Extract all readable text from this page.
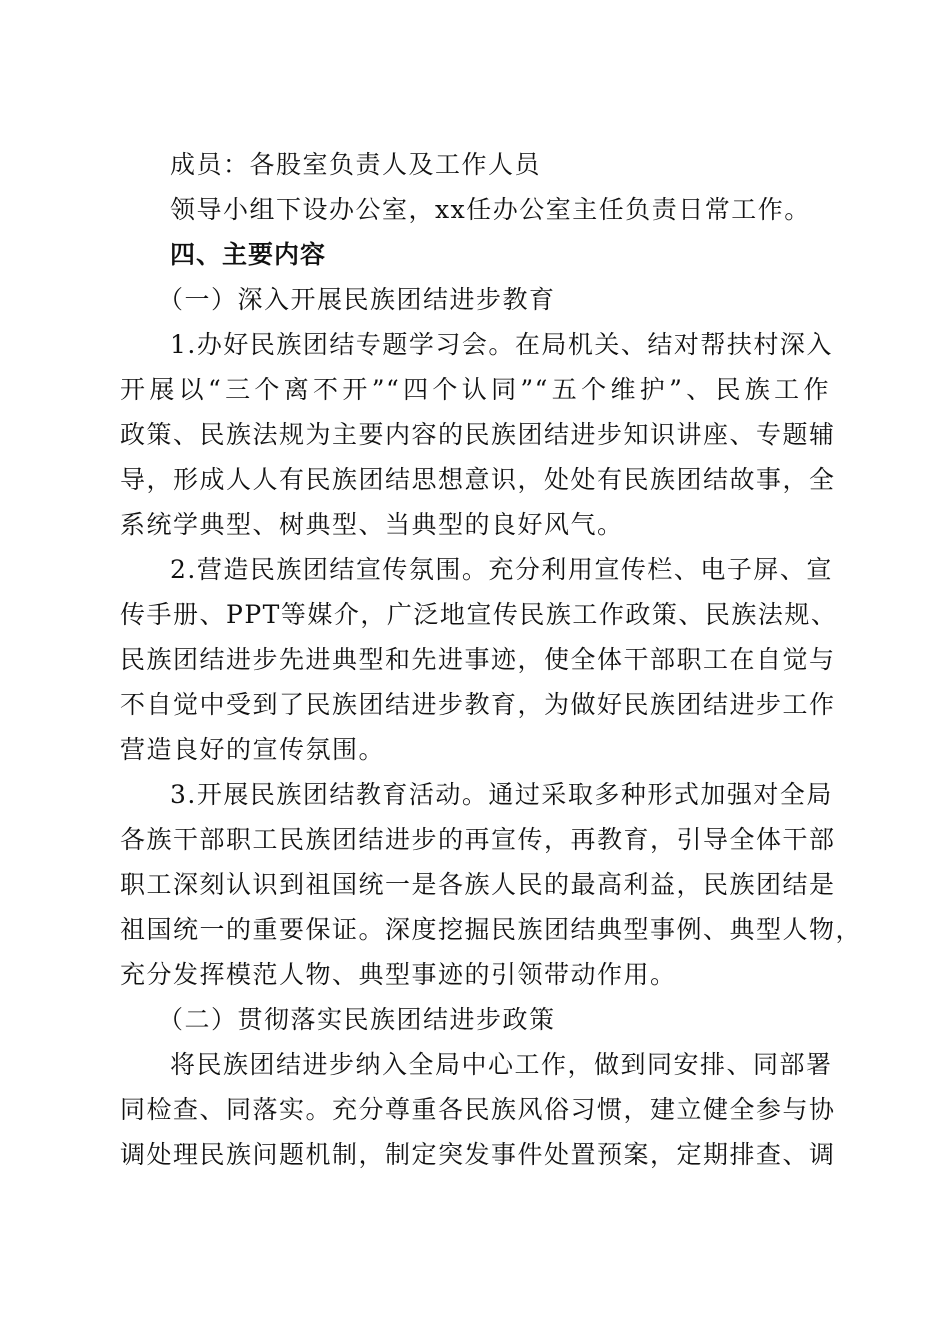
成员：各股室负责人及工作人员
领导小组下设办公室，xx任办公室主任负责日常工作。
四、主要内容
（一）深入开展民族团结进步教育
1.办好民族团结专题学习会。在局机关、结对帮扶村深入
开展以“三个离不开”“四个认同”“五个维护”、民族工作
政策、民族法规为主要内容的民族团结进步知识讲座、专题辅
导，形成人人有民族团结思想意识，处处有民族团结故事，全
系统学典型、树典型、当典型的良好风气。
2.营造民族团结宣传氛围。充分利用宣传栏、电子屏、宣
传手册、PPT等媒介，广泛地宣传民族工作政策、民族法规、
民族团结进步先进典型和先进事迹，使全体干部职工在自觉与
不自觉中受到了民族团结进步教育，为做好民族团结进步工作
营造良好的宣传氛围。
3.开展民族团结教育活动。通过采取多种形式加强对全局
各族干部职工民族团结进步的再宣传，再教育，引导全体干部
职工深刻认识到祖国统一是各族人民的最高利益，民族团结是
祖国统一的重要保证。深度挖掘民族团结典型事例、典型人物，
充分发挥模范人物、典型事迹的引领带动作用。
（二）贯彻落实民族团结进步政策
将民族团结进步纳入全局中心工作，做到同安排、同部署
同检查、同落实。充分尊重各民族风俗习惯，建立健全参与协
调处理民族问题机制，制定突发事件处置预案，定期排查、调
